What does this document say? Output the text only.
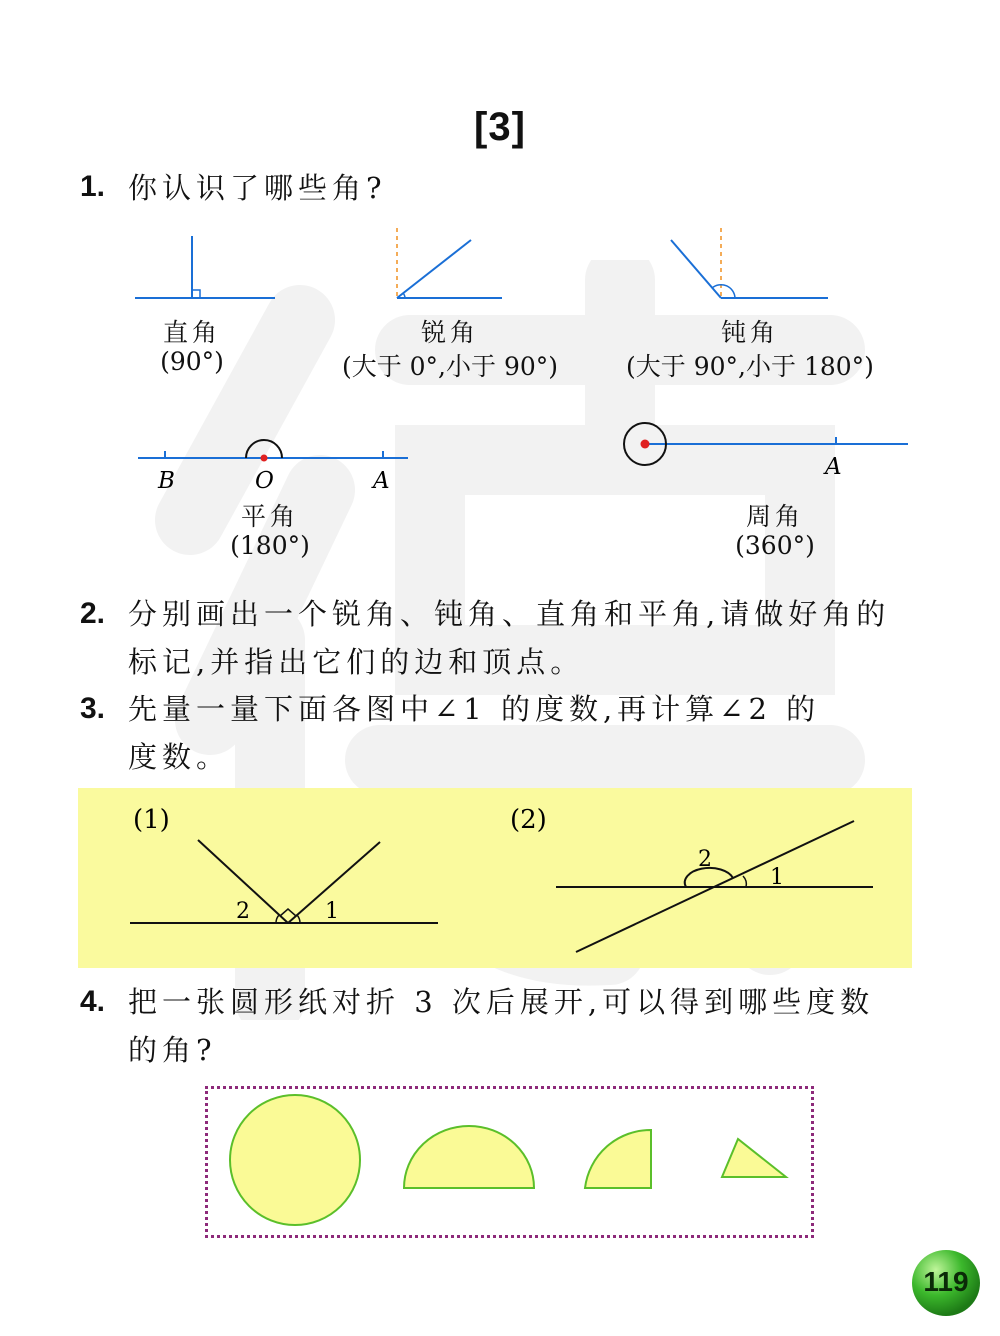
[3]
1. 你认识了哪些角?
B	O	A
A
直角
(90°)
锐角
(大于 0°,小于 90°)
钝角
(大于 90°,小于 180°)
平角
(180°)
周角
(360°)
2. 分别画出一个锐角、钝角、直角和平角,请做好角的
标记,并指出它们的边和顶点。
3. 先量一量下面各图中∠1 的度数,再计算∠2 的
度数。
(1)
2	1
(2)
2
1
4. 把一张圆形纸对折 3 次后展开,可以得到哪些度数
的角?
119
